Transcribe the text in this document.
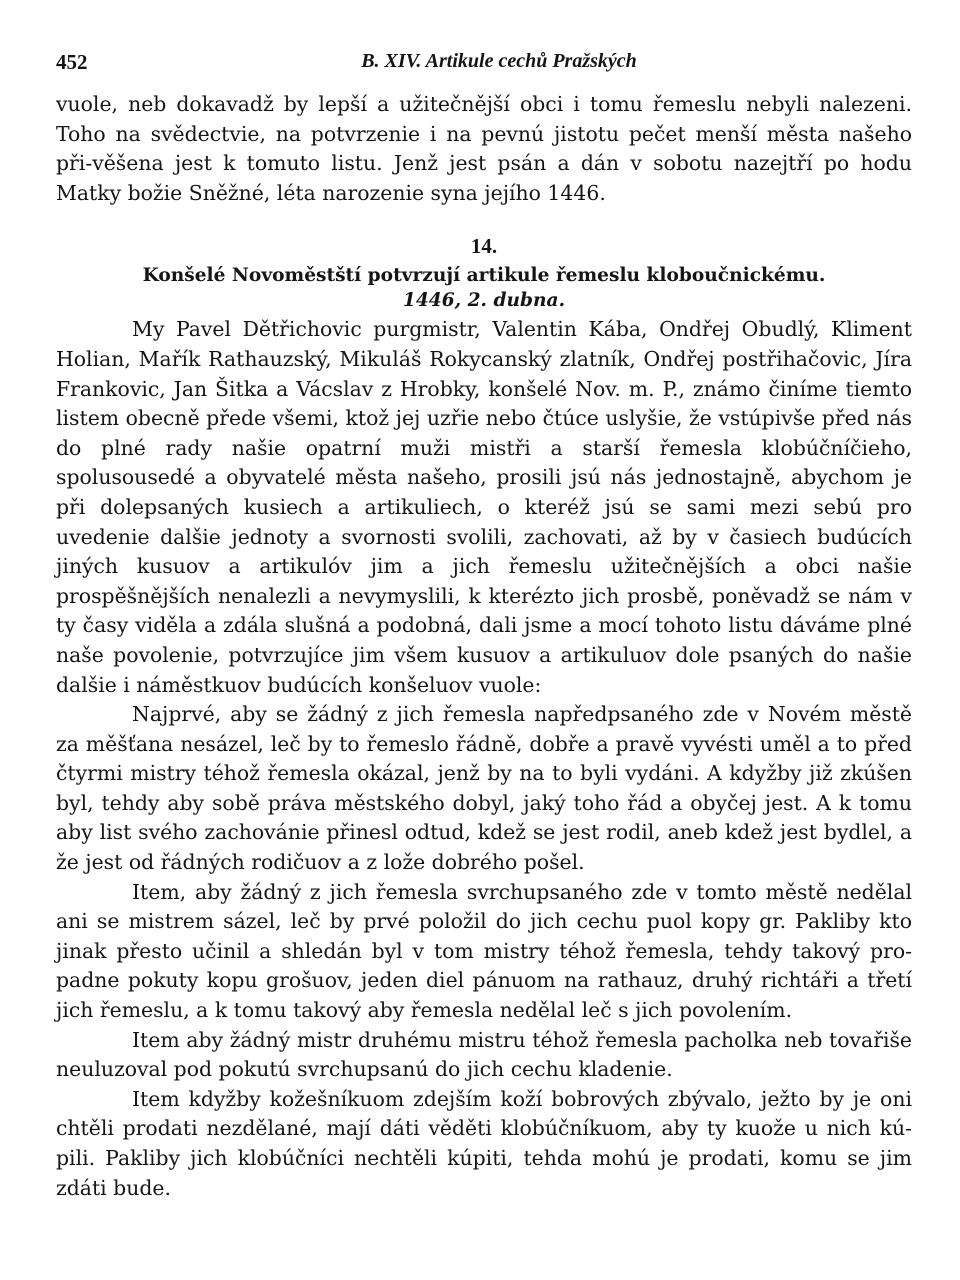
452	B. XIV. Artikule cechů Pražských

vuole, neb dokavadž by lepší a užitečnější obci i tomu řemeslu nebyli nalezeni. Toho na svědectvie, na potvrzenie i na pevnú jistotu pečet menší města našeho při-věšena jest k tomuto listu. Jenž jest psán a dán v sobotu nazejtří po hodu Matky božie Sněžné, léta narozenie syna jejího 1446.

14.
Konšelé Novoměstští potvrzují artikule řemeslu kloboučnickému.
1446, 2. dubna.

My Pavel Dětřichovic purgmistr, Valentin Kába, Ondřej Obudlý, Kliment Holian, Mařík Rathauzský, Mikuláš Rokycanský zlatník, Ondřej postřihačovic, Jíra Frankovic, Jan Šitka a Vácslav z Hrobky, konšelé Nov. m. P., známo činíme tiemto listem obecně přede všemi, ktož jej uzřie nebo čtúce uslyšie, že vstúpivše před nás do plné rady našie opatrní muži mistři a starší řemesla klobúčníčieho, spolusousedé a obyvatelé města našeho, prosili jsú nás jednostajně, abychom je při dolepsaných kusiech a artikuliech, o kteréž jsú se sami mezi sebú pro uvedenie dalšie jednoty a svornosti svolili, zachovati, až by v časiech budúcích jiných kusuov a artikulóv jim a jich řemeslu užitečnějších a obci našie prospěšnějších nenalezli a nevymyslili, k kterézto jich prosbě, poněvadž se nám v ty časy viděla a zdála slušná a podobná, dali jsme a mocí tohoto listu dáváme plné naše povolenie, potvrzujíce jim všem kusuov a artikuluov dole psaných do našie dalšie i náměstkuov budúcích konšeluov vuole:

Najprvé, aby se žádný z jich řemesla napředpsaného zde v Novém městě za měšťana nesázel, leč by to řemeslo řádně, dobře a pravě vyvésti uměl a to před čtyrmi mistry téhož řemesla okázal, jenž by na to byli vydáni. A kdyžby již zkúšen byl, tehdy aby sobě práva městského dobyl, jaký toho řád a obyčej jest. A k tomu aby list svého zachovánie přinesl odtud, kdež se jest rodil, aneb kdež jest bydlel, a že jest od řádných rodičuov a z lože dobrého pošel.

Item, aby žádný z jich řemesla svrchupsaného zde v tomto městě nedělal ani se mistrem sázel, leč by prvé položil do jich cechu puol kopy gr. Pakliby kto jinak přesto učinil a shledán byl v tom mistry téhož řemesla, tehdy takový pro-padne pokuty kopu grošuov, jeden diel pánuom na rathauz, druhý richtáři a třetí jich řemeslu, a k tomu takový aby řemesla nedělal leč s jich povolením.

Item aby žádný mistr druhému mistru téhož řemesla pacholka neb tovařiše neuluzoval pod pokutú svrchupsanú do jich cechu kladenie.

Item kdyžby kožešníkuom zdejším koží bobrových zbývalo, ježto by je oni chtěli prodati nezdělané, mají dáti věděti klobúčníkuom, aby ty kuože u nich kú-pili. Pakliby jich klobúčníci nechtěli kúpiti, tehda mohú je prodati, komu se jim zdáti bude.
